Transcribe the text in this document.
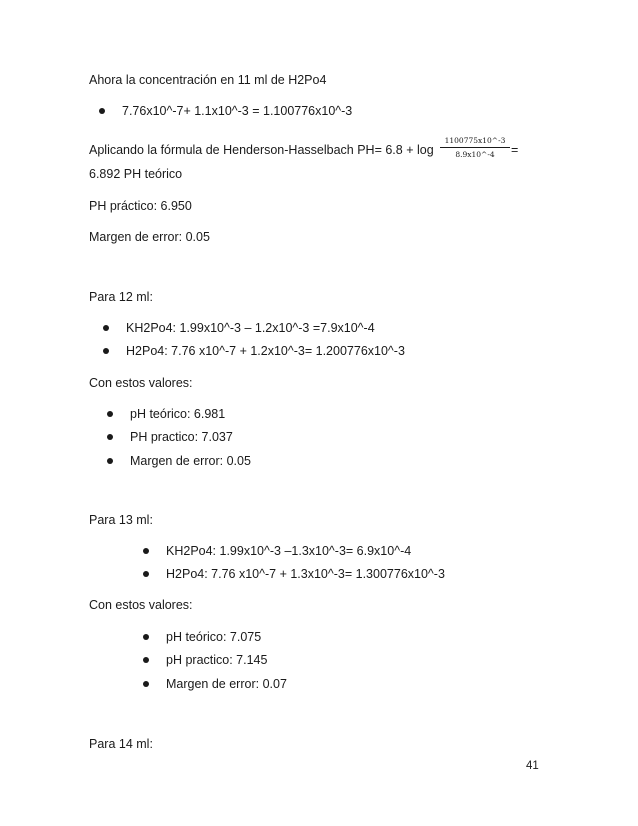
Ahora la concentración en 11 ml de H2Po4
7.76x10^-7+ 1.1x10^-3 = 1.100776x10^-3
Aplicando la fórmula de Henderson-Hasselbach PH= 6.8 + log
1100775x10^-3
8.9x10^-4	=
6.892 PH teórico
PH práctico: 6.950
Margen de error: 0.05
Para 12 ml:
KH2Po4: 1.99x10^-3 – 1.2x10^-3 =7.9x10^-4
H2Po4: 7.76 x10^-7 + 1.2x10^-3= 1.200776x10^-3
Con estos valores:
pH teórico: 6.981
PH practico: 7.037
Margen de error: 0.05
Para 13 ml:
KH2Po4: 1.99x10^-3 –1.3x10^-3= 6.9x10^-4
H2Po4: 7.76 x10^-7 + 1.3x10^-3= 1.300776x10^-3
Con estos valores:
pH teórico: 7.075
pH practico: 7.145
Margen de error: 0.07
Para 14 ml:
41
